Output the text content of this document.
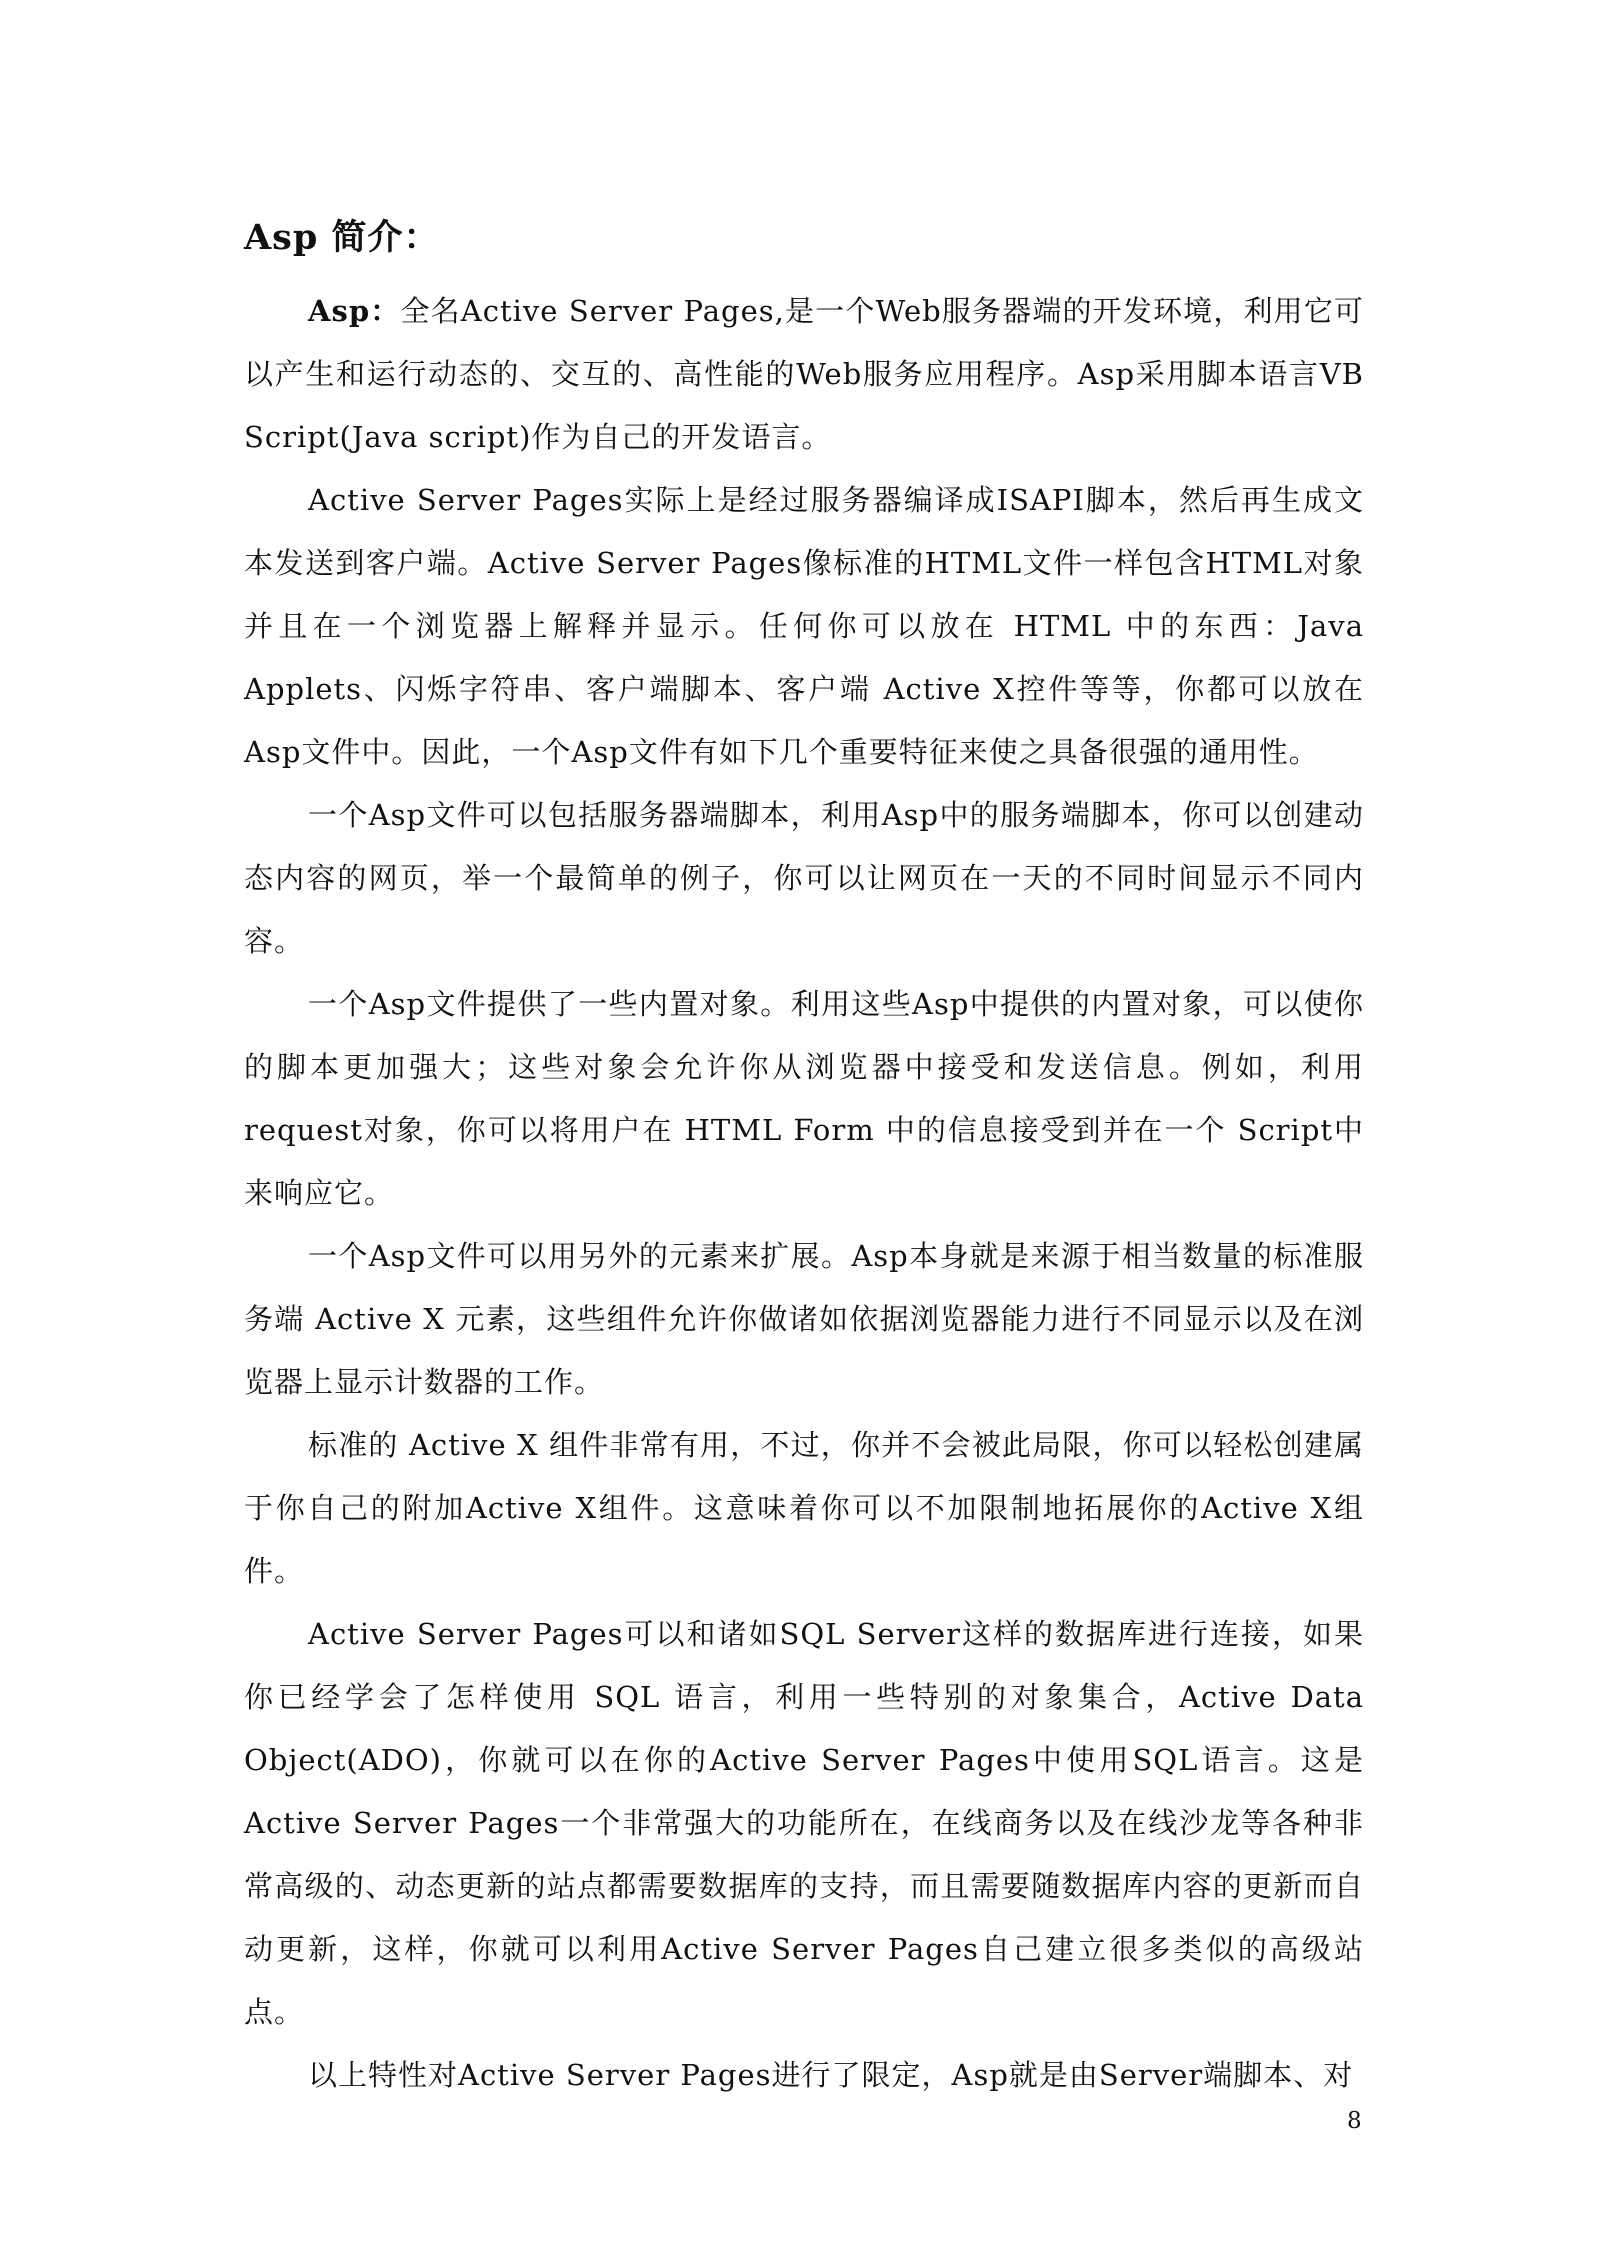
Asp 简介：

Asp：全名Active Server Pages,是一个Web服务器端的开发环境，利用它可以产生和运行动态的、交互的、高性能的Web服务应用程序。Asp采用脚本语言VB Script(Java script)作为自己的开发语言。

Active Server Pages实际上是经过服务器编译成ISAPI脚本，然后再生成文本发送到客户端。Active Server Pages像标准的HTML文件一样包含HTML对象并且在一个浏览器上解释并显示。任何你可以放在 HTML 中的东西：Java Applets、闪烁字符串、客户端脚本、客户端 Active X控件等等，你都可以放在Asp文件中。因此，一个Asp文件有如下几个重要特征来使之具备很强的通用性。

一个Asp文件可以包括服务器端脚本，利用Asp中的服务端脚本，你可以创建动态内容的网页，举一个最简单的例子，你可以让网页在一天的不同时间显示不同内容。

一个Asp文件提供了一些内置对象。利用这些Asp中提供的内置对象，可以使你的脚本更加强大；这些对象会允许你从浏览器中接受和发送信息。例如，利用request对象，你可以将用户在 HTML Form 中的信息接受到并在一个 Script中来响应它。

一个Asp文件可以用另外的元素来扩展。Asp本身就是来源于相当数量的标准服务端 Active X 元素，这些组件允许你做诸如依据浏览器能力进行不同显示以及在浏览器上显示计数器的工作。

标准的 Active X 组件非常有用，不过，你并不会被此局限，你可以轻松创建属于你自己的附加Active X组件。这意味着你可以不加限制地拓展你的Active X组件。

Active Server Pages可以和诸如SQL Server这样的数据库进行连接，如果你已经学会了怎样使用 SQL 语言，利用一些特别的对象集合，Active Data Object(ADO)，你就可以在你的Active Server Pages中使用SQL语言。这是Active Server Pages一个非常强大的功能所在，在线商务以及在线沙龙等各种非常高级的、动态更新的站点都需要数据库的支持，而且需要随数据库内容的更新而自动更新，这样，你就可以利用Active Server Pages自己建立很多类似的高级站点。

以上特性对Active Server Pages进行了限定，Asp就是由Server端脚本、对

8
